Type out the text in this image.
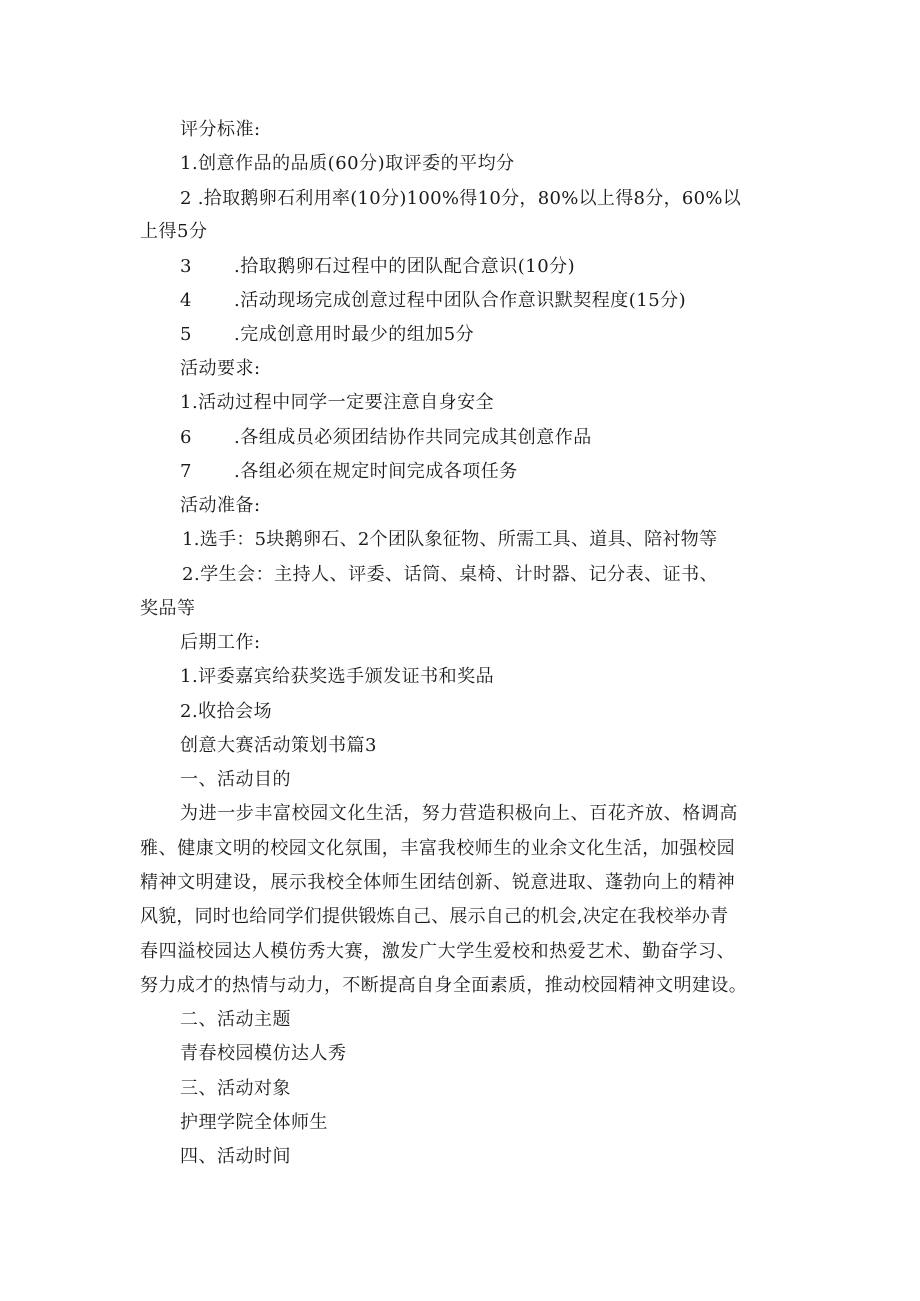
评分标准:
1.创意作品的品质(60分)取评委的平均分
2 .拾取鹅卵石利用率(10分)100%得10分，80%以上得8分，60%以
上得5分
3 .拾取鹅卵石过程中的团队配合意识(10分)
4 .活动现场完成创意过程中团队合作意识默契程度(15分)
5 .完成创意用时最少的组加5分
活动要求:
1.活动过程中同学一定要注意自身安全
6 .各组成员必须团结协作共同完成其创意作品
7 .各组必须在规定时间完成各项任务
活动准备:
1.选手：5块鹅卵石、2个团队象征物、所需工具、道具、陪衬物等
2.学生会：主持人、评委、话筒、桌椅、计时器、记分表、证书、
奖品等
后期工作:
1.评委嘉宾给获奖选手颁发证书和奖品
2.收拾会场
创意大赛活动策划书篇3
一、活动目的
为进一步丰富校园文化生活，努力营造积极向上、百花齐放、格调高
雅、健康文明的校园文化氛围，丰富我校师生的业余文化生活，加强校园
精神文明建设，展示我校全体师生团结创新、锐意进取、蓬勃向上的精神
风貌，同时也给同学们提供锻炼自己、展示自己的机会,决定在我校举办青
春四溢校园达人模仿秀大赛，激发广大学生爱校和热爱艺术、勤奋学习、
努力成才的热情与动力，不断提高自身全面素质，推动校园精神文明建设。
二、活动主题
青春校园模仿达人秀
三、活动对象
护理学院全体师生
四、活动时间
